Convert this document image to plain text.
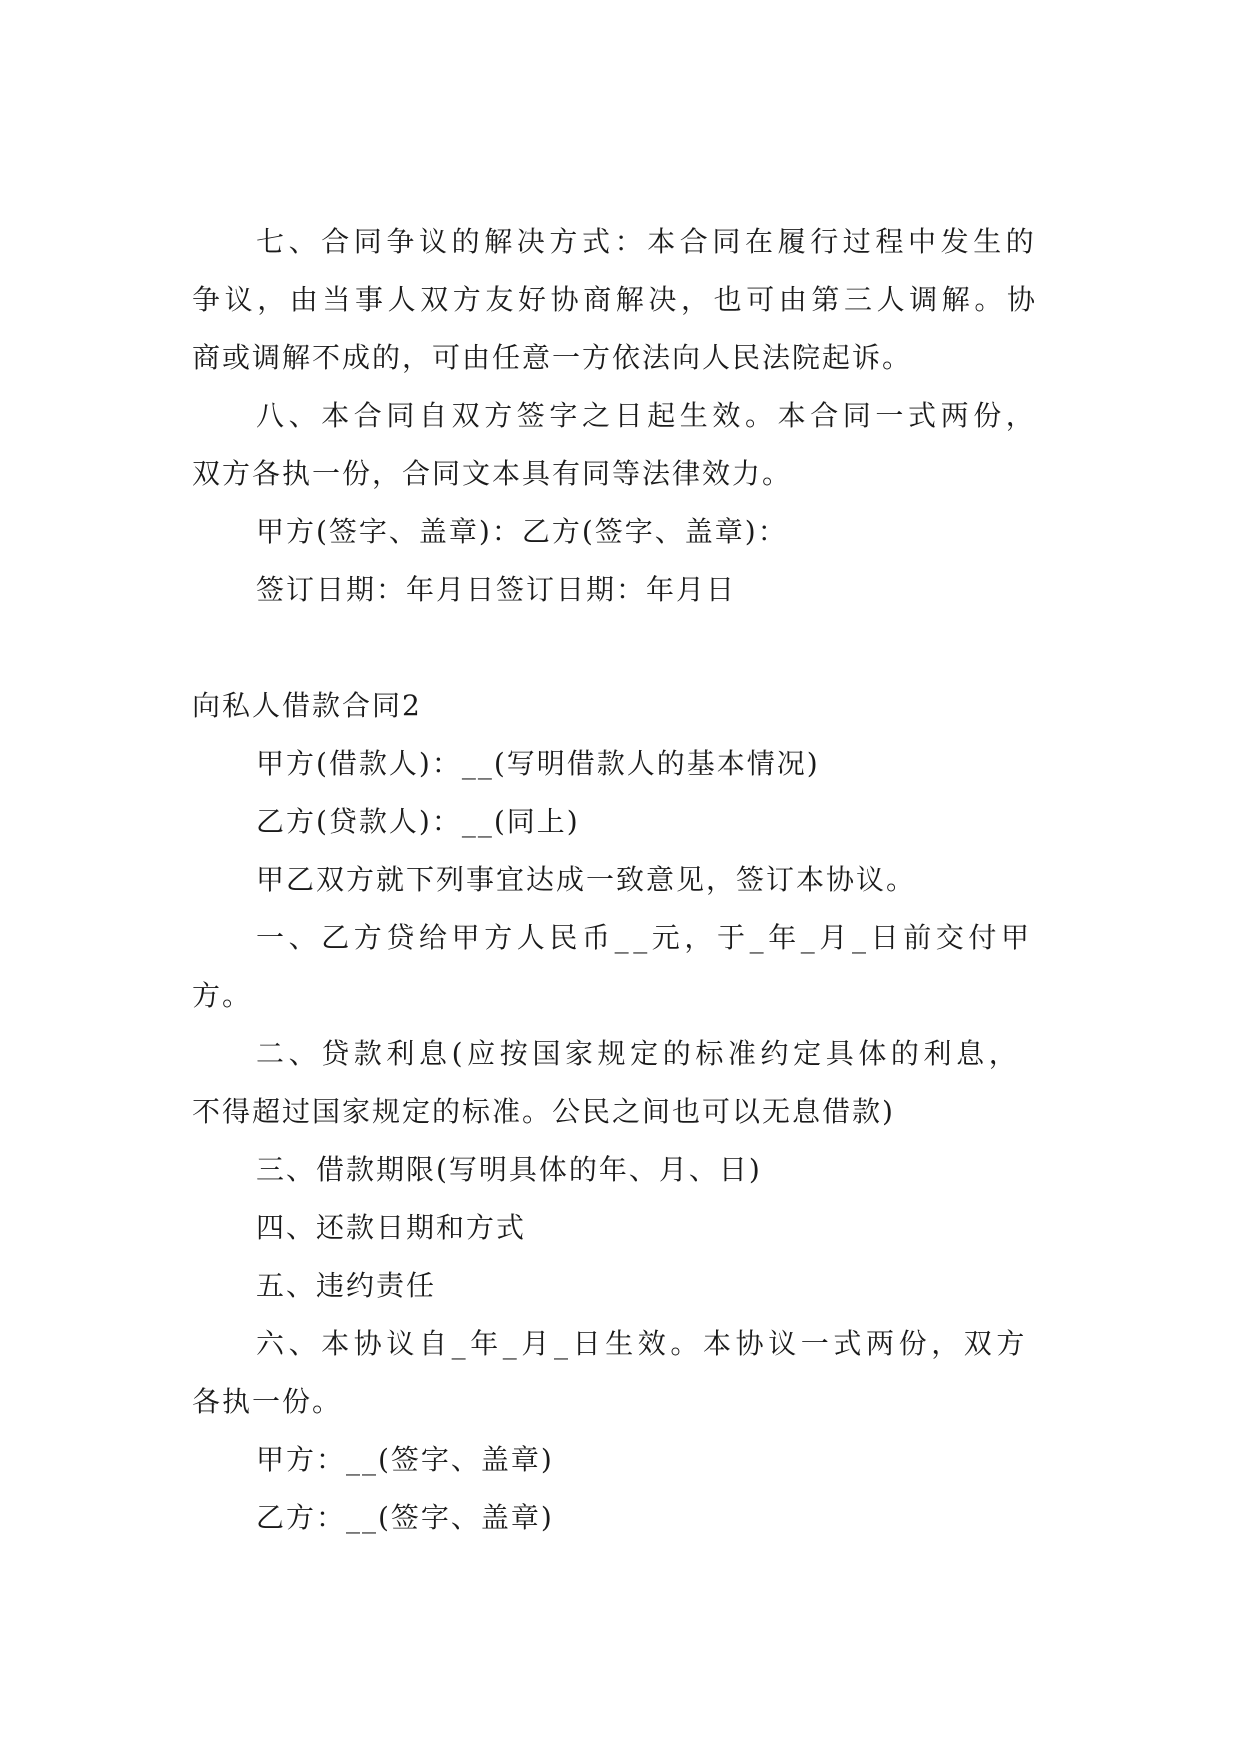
七、合同争议的解决方式：本合同在履行过程中发生的
争议，由当事人双方友好协商解决，也可由第三人调解。协
商或调解不成的，可由任意一方依法向人民法院起诉。
八、本合同自双方签字之日起生效。本合同一式两份，
双方各执一份，合同文本具有同等法律效力。
甲方(签字、盖章)：乙方(签字、盖章)：
签订日期：年月日签订日期：年月日
向私人借款合同2
甲方(借款人)：__(写明借款人的基本情况)
乙方(贷款人)：__(同上)
甲乙双方就下列事宜达成一致意见，签订本协议。
一、乙方贷给甲方人民币__元，于_年_月_日前交付甲
方。
二、贷款利息(应按国家规定的标准约定具体的利息，
不得超过国家规定的标准。公民之间也可以无息借款)
三、借款期限(写明具体的年、月、日)
四、还款日期和方式
五、违约责任
六、本协议自_年_月_日生效。本协议一式两份，双方
各执一份。
甲方：__(签字、盖章)
乙方：__(签字、盖章)
